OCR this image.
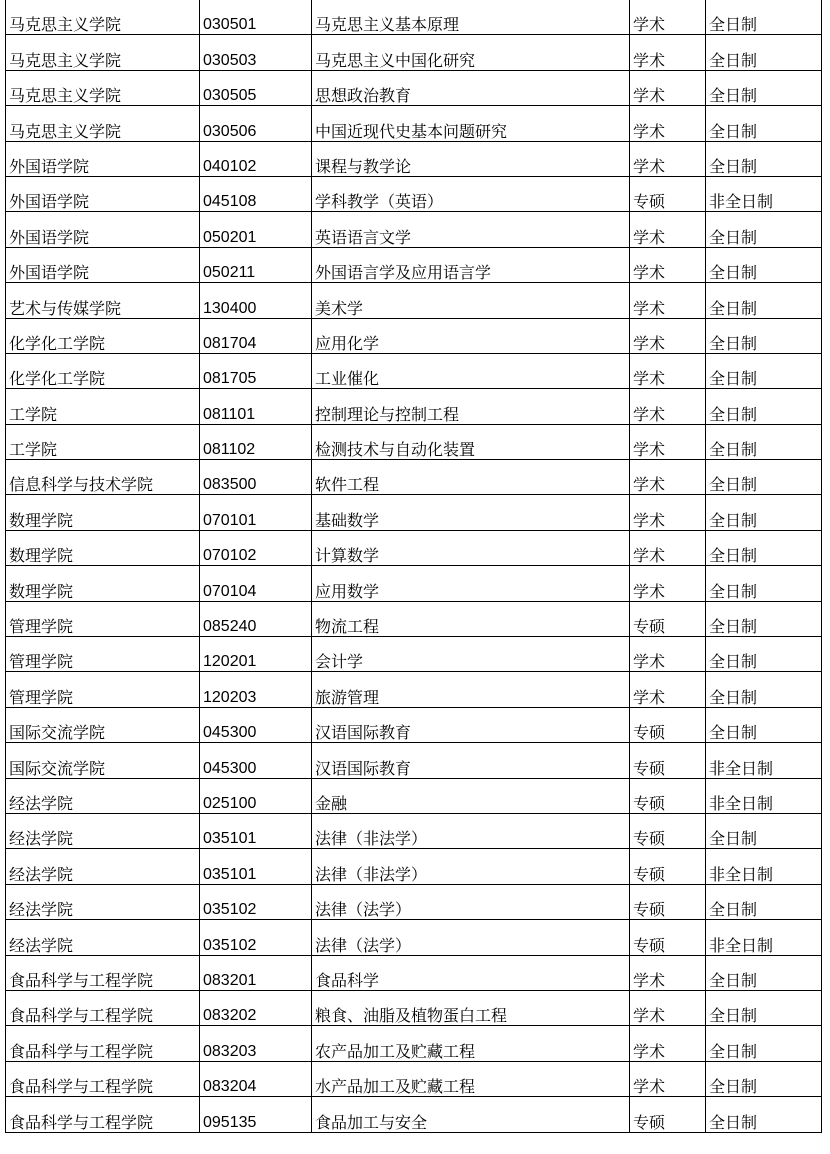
马克思主义学院	030501	马克思主义基本原理	学术	全日制
马克思主义学院	030503	马克思主义中国化研究	学术	全日制
马克思主义学院	030505	思想政治教育	学术	全日制
马克思主义学院	030506	中国近现代史基本问题研究	学术	全日制
外国语学院	040102	课程与教学论	学术	全日制
外国语学院	045108	学科教学（英语）	专硕	非全日制
外国语学院	050201	英语语言文学	学术	全日制
外国语学院	050211	外国语言学及应用语言学	学术	全日制
艺术与传媒学院	130400	美术学	学术	全日制
化学化工学院	081704	应用化学	学术	全日制
化学化工学院	081705	工业催化	学术	全日制
工学院	081101	控制理论与控制工程	学术	全日制
工学院	081102	检测技术与自动化装置	学术	全日制
信息科学与技术学院	083500	软件工程	学术	全日制
数理学院	070101	基础数学	学术	全日制
数理学院	070102	计算数学	学术	全日制
数理学院	070104	应用数学	学术	全日制
管理学院	085240	物流工程	专硕	全日制
管理学院	120201	会计学	学术	全日制
管理学院	120203	旅游管理	学术	全日制
国际交流学院	045300	汉语国际教育	专硕	全日制
国际交流学院	045300	汉语国际教育	专硕	非全日制
经法学院	025100	金融	专硕	非全日制
经法学院	035101	法律（非法学）	专硕	全日制
经法学院	035101	法律（非法学）	专硕	非全日制
经法学院	035102	法律（法学）	专硕	全日制
经法学院	035102	法律（法学）	专硕	非全日制
食品科学与工程学院	083201	食品科学	学术	全日制
食品科学与工程学院	083202	粮食、油脂及植物蛋白工程	学术	全日制
食品科学与工程学院	083203	农产品加工及贮藏工程	学术	全日制
食品科学与工程学院	083204	水产品加工及贮藏工程	学术	全日制
食品科学与工程学院	095135	食品加工与安全	专硕	全日制
